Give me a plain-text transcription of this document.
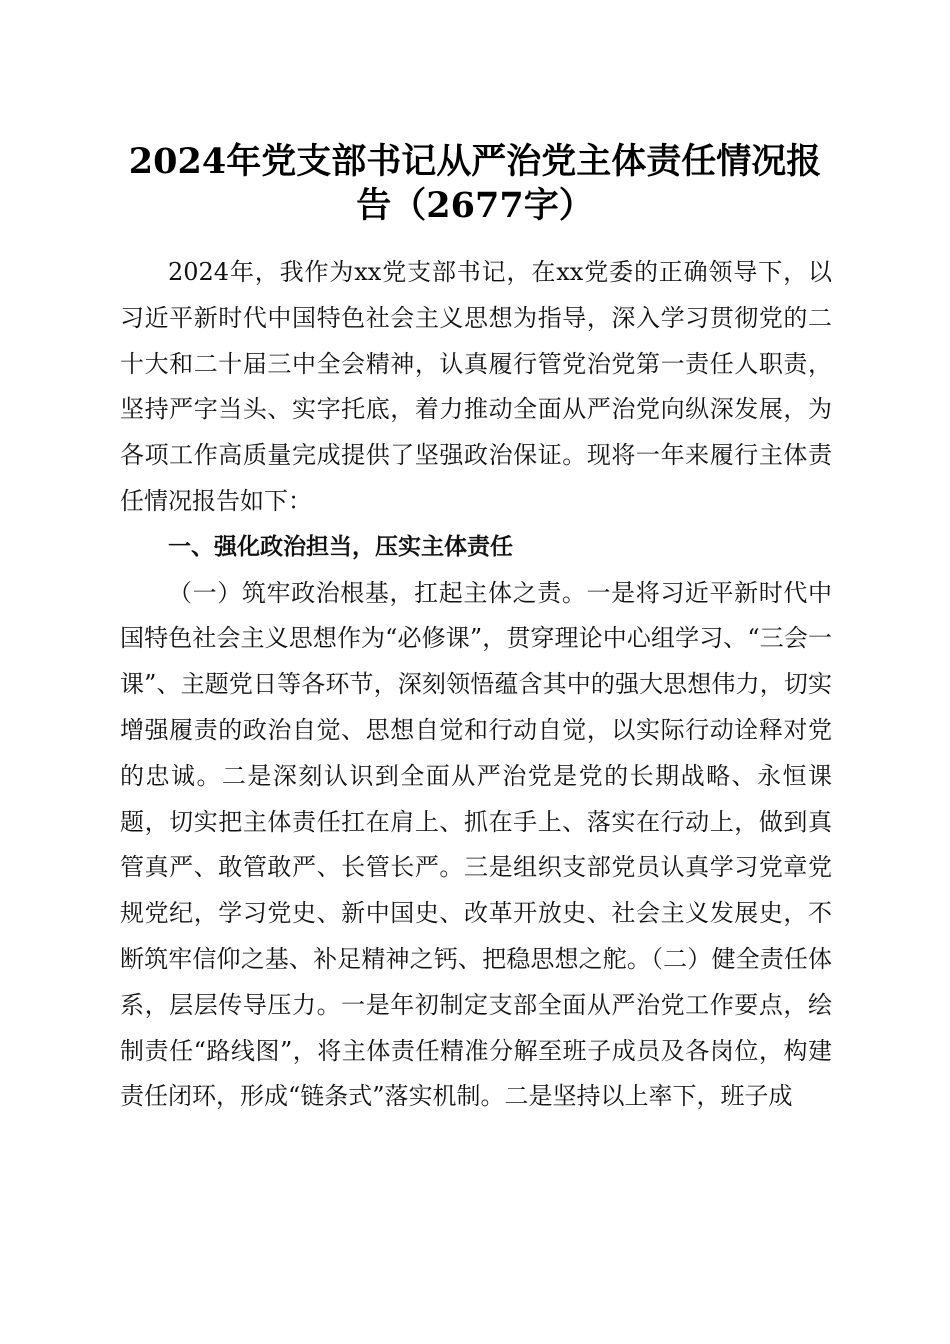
2024年党支部书记从严治党主体责任情况报告（2677字）

2024年，我作为xx党支部书记，在xx党委的正确领导下，以习近平新时代中国特色社会主义思想为指导，深入学习贯彻党的二十大和二十届三中全会精神，认真履行管党治党第一责任人职责，坚持严字当头、实字托底，着力推动全面从严治党向纵深发展，为各项工作高质量完成提供了坚强政治保证。现将一年来履行主体责任情况报告如下：

一、强化政治担当，压实主体责任

（一）筑牢政治根基，扛起主体之责。一是将习近平新时代中国特色社会主义思想作为“必修课”，贯穿理论中心组学习、“三会一课”、主题党日等各环节，深刻领悟蕴含其中的强大思想伟力，切实增强履责的政治自觉、思想自觉和行动自觉，以实际行动诠释对党的忠诚。二是深刻认识到全面从严治党是党的长期战略、永恒课题，切实把主体责任扛在肩上、抓在手上、落实在行动上，做到真管真严、敢管敢严、长管长严。三是组织支部党员认真学习党章党规党纪，学习党史、新中国史、改革开放史、社会主义发展史，不断筑牢信仰之基、补足精神之钙、把稳思想之舵。（二）健全责任体系，层层传导压力。一是年初制定支部全面从严治党工作要点，绘制责任“路线图”，将主体责任精准分解至班子成员及各岗位，构建责任闭环，形成“链条式”落实机制。二是坚持以上率下，班子成
